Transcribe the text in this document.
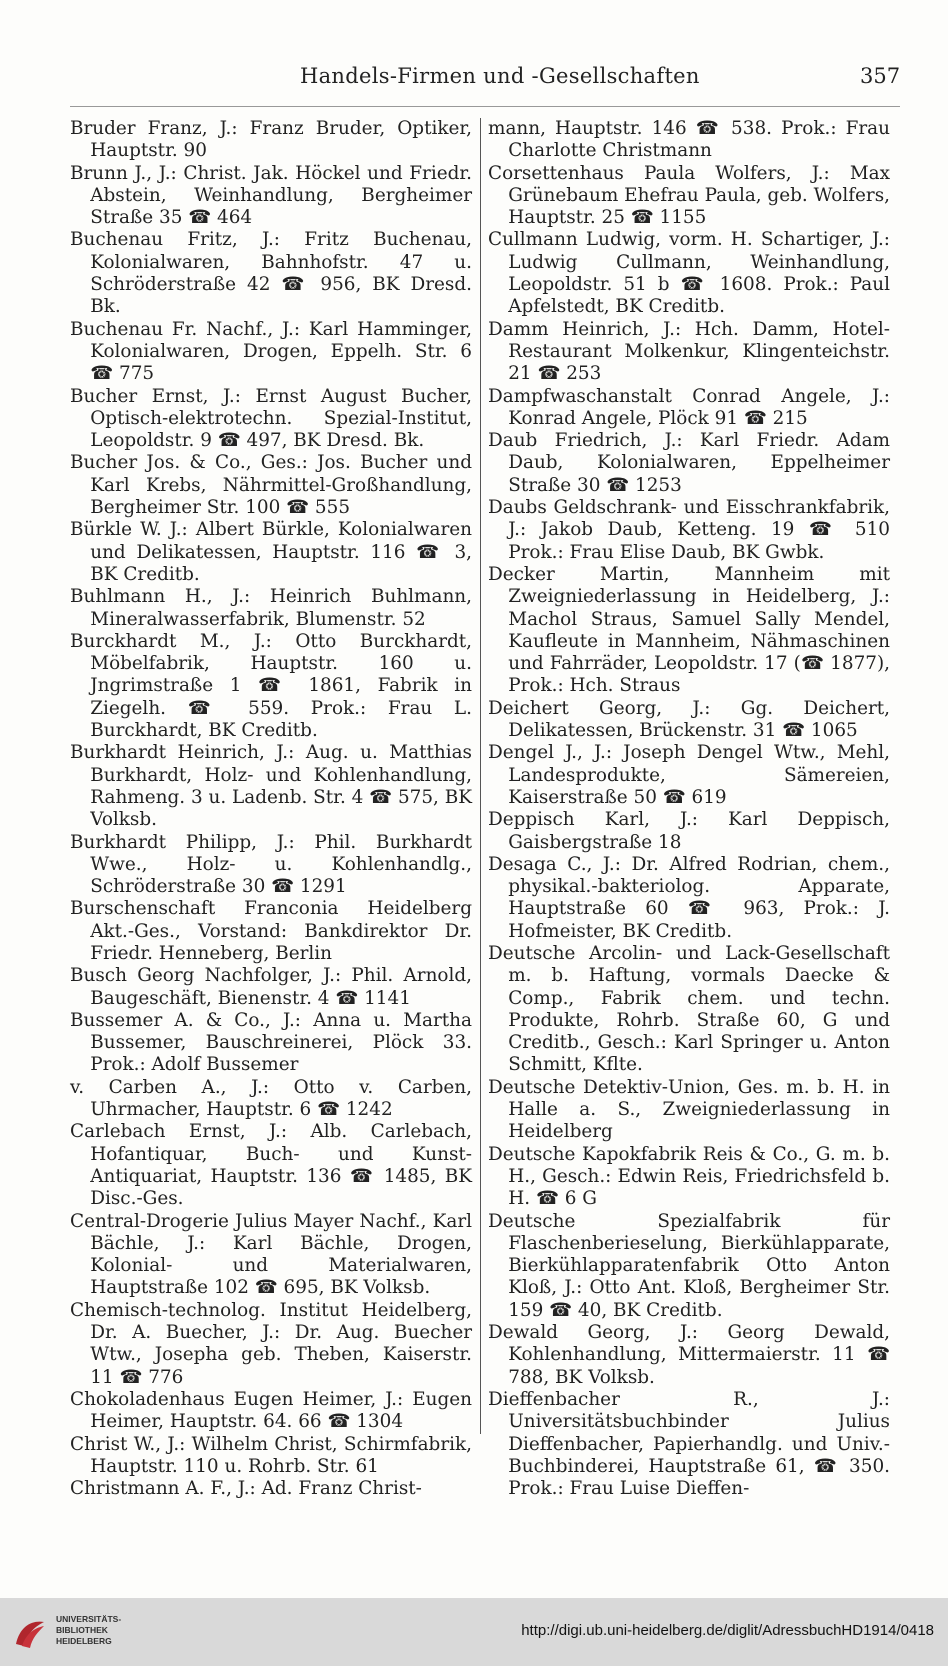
Handels-Firmen und -Gesellschaften	357

Bruder Franz, J.: Franz Bruder, Optiker, Hauptstr. 90

Brunn J., J.: Christ. Jak. Höckel und Friedr. Abstein, Weinhandlung, Bergheimer Straße 35 ☎ 464

Buchenau Fritz, J.: Fritz Buchenau, Kolonialwaren, Bahnhofstr. 47 u. Schröderstraße 42 ☎ 956, BK Dresd. Bk.

Buchenau Fr. Nachf., J.: Karl Hamminger, Kolonialwaren, Drogen, Eppelh. Str. 6 ☎ 775

Bucher Ernst, J.: Ernst August Bucher, Optisch-elektrotechn. Spezial-Institut, Leopoldstr. 9 ☎ 497, BK Dresd. Bk.

Bucher Jos. & Co., Ges.: Jos. Bucher und Karl Krebs, Nährmittel-Großhandlung, Bergheimer Str. 100 ☎ 555

Bürkle W. J.: Albert Bürkle, Kolonialwaren und Delikatessen, Hauptstr. 116 ☎ 3, BK Creditb.

Buhlmann H., J.: Heinrich Buhlmann, Mineralwasserfabrik, Blumenstr. 52

Burckhardt M., J.: Otto Burckhardt, Möbelfabrik, Hauptstr. 160 u. Jngrimstraße 1 ☎ 1861, Fabrik in Ziegelh. ☎ 559. Prok.: Frau L. Burckhardt, BK Creditb.

Burkhardt Heinrich, J.: Aug. u. Matthias Burkhardt, Holz- und Kohlenhandlung, Rahmeng. 3 u. Ladenb. Str. 4 ☎ 575, BK Volksb.

Burkhardt Philipp, J.: Phil. Burkhardt Wwe., Holz- u. Kohlenhandlg., Schröderstraße 30 ☎ 1291

Burschenschaft Franconia Heidelberg Akt.-Ges., Vorstand: Bankdirektor Dr. Friedr. Henneberg, Berlin

Busch Georg Nachfolger, J.: Phil. Arnold, Baugeschäft, Bienenstr. 4 ☎ 1141

Bussemer A. & Co., J.: Anna u. Martha Bussemer, Bauschreinerei, Plöck 33. Prok.: Adolf Bussemer

v. Carben A., J.: Otto v. Carben, Uhrmacher, Hauptstr. 6 ☎ 1242

Carlebach Ernst, J.: Alb. Carlebach, Hofantiquar, Buch- und Kunst-Antiquariat, Hauptstr. 136 ☎ 1485, BK Disc.-Ges.

Central-Drogerie Julius Mayer Nachf., Karl Bächle, J.: Karl Bächle, Drogen, Kolonial- und Materialwaren, Hauptstraße 102 ☎ 695, BK Volksb.

Chemisch-technolog. Institut Heidelberg, Dr. A. Buecher, J.: Dr. Aug. Buecher Wtw., Josepha geb. Theben, Kaiserstr. 11 ☎ 776

Chokoladenhaus Eugen Heimer, J.: Eugen Heimer, Hauptstr. 64. 66 ☎ 1304

Christ W., J.: Wilhelm Christ, Schirmfabrik, Hauptstr. 110 u. Rohrb. Str. 61

Christmann A. F., J.: Ad. Franz Christ-

mann, Hauptstr. 146 ☎ 538. Prok.: Frau Charlotte Christmann

Corsettenhaus Paula Wolfers, J.: Max Grünebaum Ehefrau Paula, geb. Wolfers, Hauptstr. 25 ☎ 1155

Cullmann Ludwig, vorm. H. Schartiger, J.: Ludwig Cullmann, Weinhandlung, Leopoldstr. 51 b ☎ 1608. Prok.: Paul Apfelstedt, BK Creditb.

Damm Heinrich, J.: Hch. Damm, Hotel-Restaurant Molkenkur, Klingenteichstr. 21 ☎ 253

Dampfwaschanstalt Conrad Angele, J.: Konrad Angele, Plöck 91 ☎ 215

Daub Friedrich, J.: Karl Friedr. Adam Daub, Kolonialwaren, Eppelheimer Straße 30 ☎ 1253

Daubs Geldschrank- und Eisschrankfabrik, J.: Jakob Daub, Ketteng. 19 ☎ 510 Prok.: Frau Elise Daub, BK Gwbk.

Decker Martin, Mannheim mit Zweigniederlassung in Heidelberg, J.: Machol Straus, Samuel Sally Mendel, Kaufleute in Mannheim, Nähmaschinen und Fahrräder, Leopoldstr. 17 (☎ 1877), Prok.: Hch. Straus

Deichert Georg, J.: Gg. Deichert, Delikatessen, Brückenstr. 31 ☎ 1065

Dengel J., J.: Joseph Dengel Wtw., Mehl, Landesprodukte, Sämereien, Kaiserstraße 50 ☎ 619

Deppisch Karl, J.: Karl Deppisch, Gaisbergstraße 18

Desaga C., J.: Dr. Alfred Rodrian, chem., physikal.-bakteriolog. Apparate, Hauptstraße 60 ☎ 963, Prok.: J. Hofmeister, BK Creditb.

Deutsche Arcolin- und Lack-Gesellschaft m. b. Haftung, vormals Daecke & Comp., Fabrik chem. und techn. Produkte, Rohrb. Straße 60, G und Creditb., Gesch.: Karl Springer u. Anton Schmitt, Kflte.

Deutsche Detektiv-Union, Ges. m. b. H. in Halle a. S., Zweigniederlassung in Heidelberg

Deutsche Kapokfabrik Reis & Co., G. m. b. H., Gesch.: Edwin Reis, Friedrichsfeld b. H. ☎ 6 G

Deutsche Spezialfabrik für Flaschenberieselung, Bierkühlapparate, Bierkühlapparatenfabrik Otto Anton Kloß, J.: Otto Ant. Kloß, Bergheimer Str. 159 ☎ 40, BK Creditb.

Dewald Georg, J.: Georg Dewald, Kohlenhandlung, Mittermaierstr. 11 ☎ 788, BK Volksb.

Dieffenbacher R., J.: Universitätsbuchbinder Julius Dieffenbacher, Papierhandlg. und Univ.-Buchbinderei, Hauptstraße 61, ☎ 350. Prok.: Frau Luise Dieffen-

UNIVERSITÄTS-
BIBLIOTHEK
HEIDELBERG
http://digi.ub.uni-heidelberg.de/diglit/AdressbuchHD1914/0418
